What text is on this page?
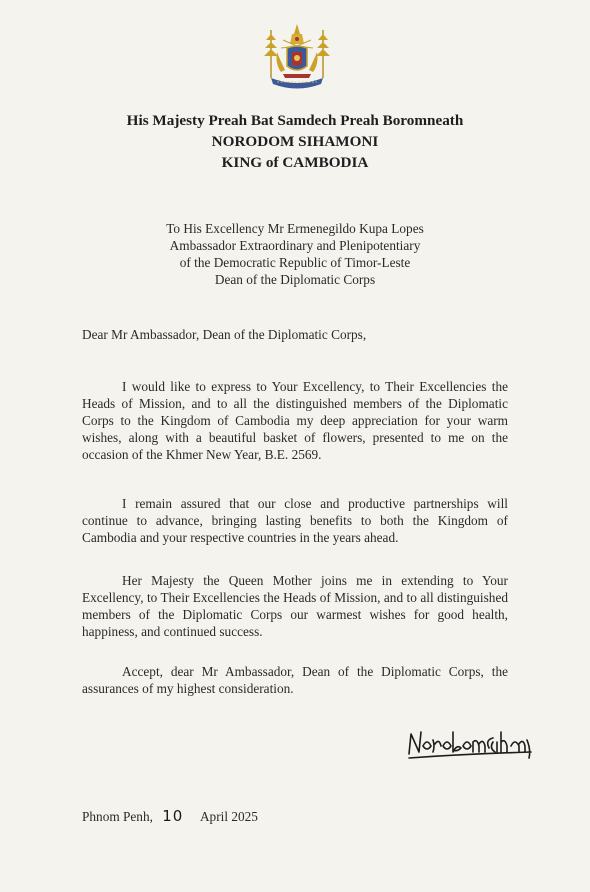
His Majesty Preah Bat Samdech Preah Boromneath
NORODOM SIHAMONI
KING of CAMBODIA
To His Excellency Mr Ermenegildo Kupa Lopes
Ambassador Extraordinary and Plenipotentiary
of the Democratic Republic of Timor-Leste
Dean of the Diplomatic Corps
Dear Mr Ambassador, Dean of the Diplomatic Corps,

I would like to express to Your Excellency, to Their Excellencies the Heads of Mission, and to all the distinguished members of the Diplomatic Corps to the Kingdom of Cambodia my deep appreciation for your warm wishes, along with a beautiful basket of flowers, presented to me on the occasion of the Khmer New Year, B.E. 2569.

I remain assured that our close and productive partnerships will continue to advance, bringing lasting benefits to both the Kingdom of Cambodia and your respective countries in the years ahead.

Her Majesty the Queen Mother joins me in extending to Your Excellency, to Their Excellencies the Heads of Mission, and to all distinguished members of the Diplomatic Corps our warmest wishes for good health, happiness, and continued success.

Accept, dear Mr Ambassador, Dean of the Diplomatic Corps, the assurances of my highest consideration.

Phnom Penh, 10 April 2025
